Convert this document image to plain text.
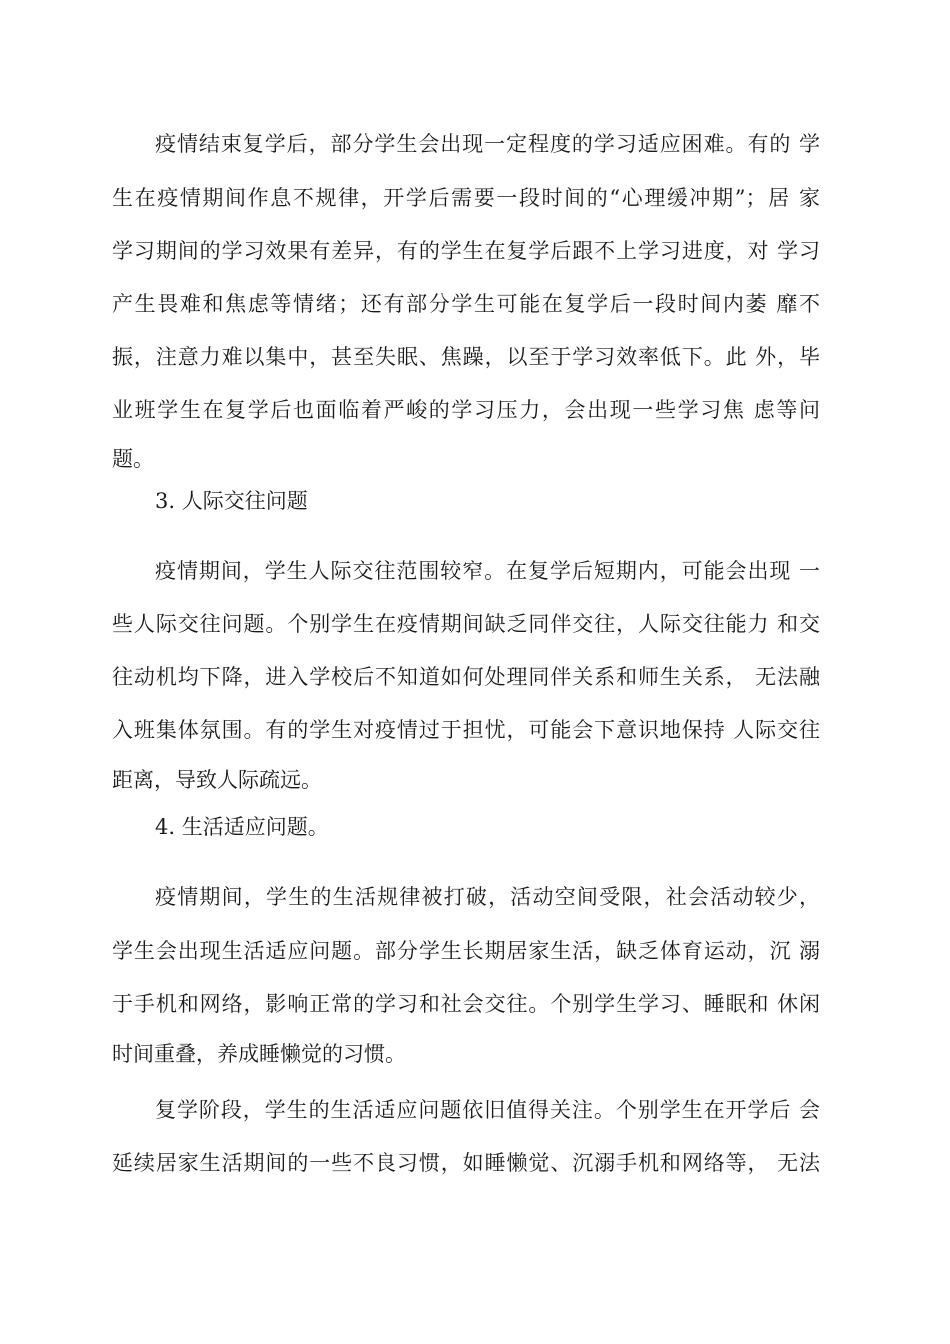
疫情结束复学后，部分学生会出现一定程度的学习适应困难。有的 学
生在疫情期间作息不规律，开学后需要一段时间的“心理缓冲期”；居 家
学习期间的学习效果有差异，有的学生在复学后跟不上学习进度，对 学习
产生畏难和焦虑等情绪；还有部分学生可能在复学后一段时间内萎 靡不
振，注意力难以集中，甚至失眠、焦躁，以至于学习效率低下。此 外，毕
业班学生在复学后也面临着严峻的学习压力，会出现一些学习焦 虑等问
题。
3. 人际交往问题
疫情期间，学生人际交往范围较窄。在复学后短期内，可能会出现 一
些人际交往问题。个别学生在疫情期间缺乏同伴交往，人际交往能力 和交
往动机均下降，进入学校后不知道如何处理同伴关系和师生关系， 无法融
入班集体氛围。有的学生对疫情过于担忧，可能会下意识地保持 人际交往
距离，导致人际疏远。
4. 生活适应问题。
疫情期间，学生的生活规律被打破，活动空间受限，社会活动较少，
学生会出现生活适应问题。部分学生长期居家生活，缺乏体育运动，沉 溺
于手机和网络，影响正常的学习和社会交往。个别学生学习、睡眠和 休闲
时间重叠，养成睡懒觉的习惯。
复学阶段，学生的生活适应问题依旧值得关注。个别学生在开学后 会
延续居家生活期间的一些不良习惯，如睡懒觉、沉溺手机和网络等， 无法
